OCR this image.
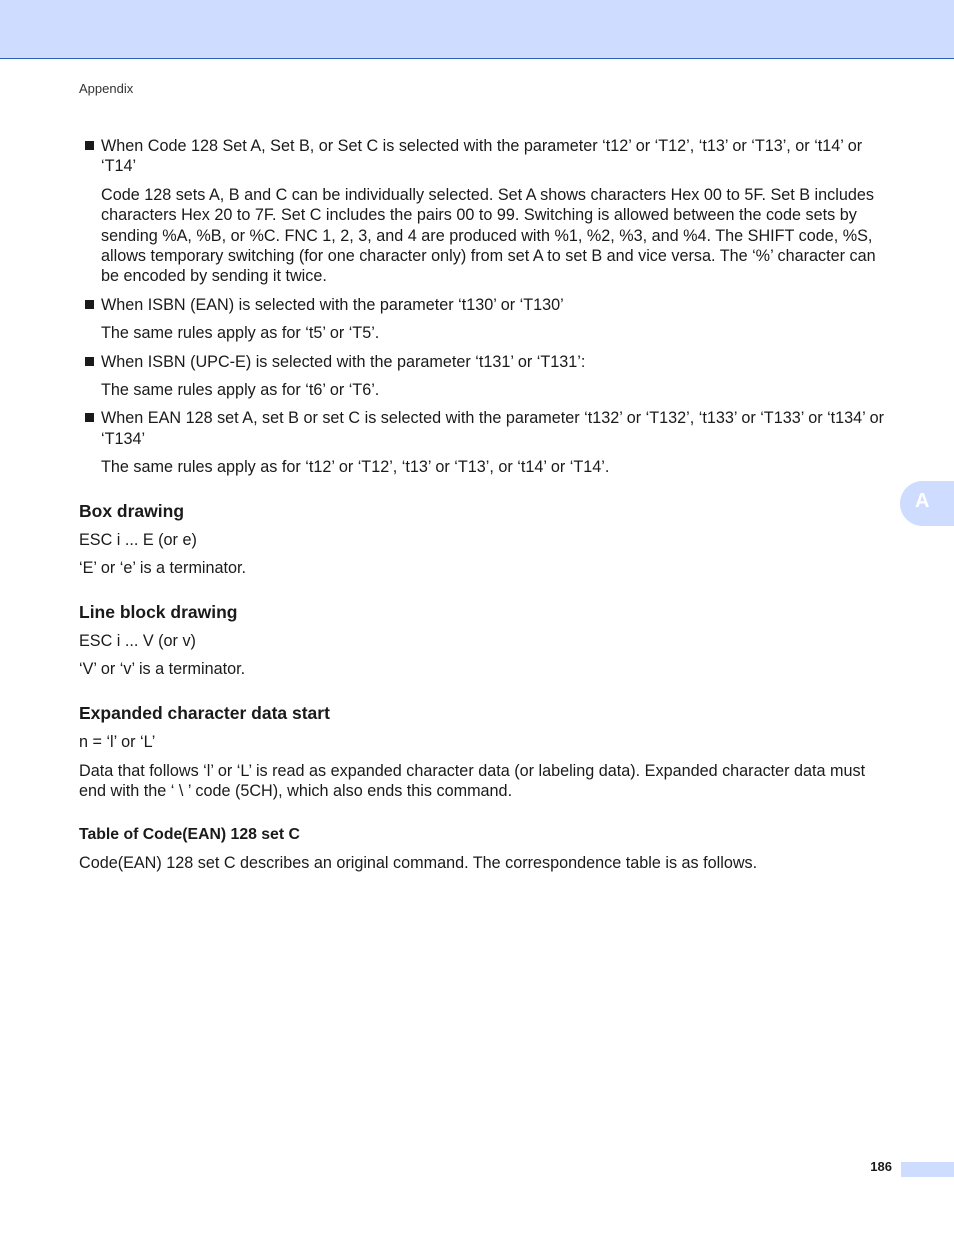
Appendix

When Code 128 Set A, Set B, or Set C is selected with the parameter ‘t12’ or ‘T12’, ‘t13’ or ‘T13’, or ‘t14’ or ‘T14’

Code 128 sets A, B and C can be individually selected. Set A shows characters Hex 00 to 5F. Set B includes characters Hex 20 to 7F. Set C includes the pairs 00 to 99. Switching is allowed between the code sets by sending %A, %B, or %C. FNC 1, 2, 3, and 4 are produced with %1, %2, %3, and %4. The SHIFT code, %S, allows temporary switching (for one character only) from set A to set B and vice versa. The ‘%’ character can be encoded by sending it twice.

When ISBN (EAN) is selected with the parameter ‘t130’ or ‘T130’

The same rules apply as for ‘t5’ or ‘T5’.

When ISBN (UPC-E) is selected with the parameter ‘t131’ or ‘T131’:

The same rules apply as for ‘t6’ or ‘T6’.

When EAN 128 set A, set B or set C is selected with the parameter ‘t132’ or ‘T132’, ‘t133’ or ‘T133’ or ‘t134’ or ‘T134’

The same rules apply as for ‘t12’ or ‘T12’, ‘t13’ or ‘T13’, or ‘t14’ or ‘T14’.

Box drawing

ESC i ... E (or e)

‘E’ or ‘e’ is a terminator.

Line block drawing

ESC i ... V (or v)

‘V’ or ‘v’ is a terminator.

Expanded character data start

n = ‘l’ or ‘L’

Data that follows ‘l’ or ‘L’ is read as expanded character data (or labeling data). Expanded character data must end with the ‘ \ ’ code (5CH), which also ends this command.

Table of Code(EAN) 128 set C

Code(EAN) 128 set C describes an original command. The correspondence table is as follows.

A
186
